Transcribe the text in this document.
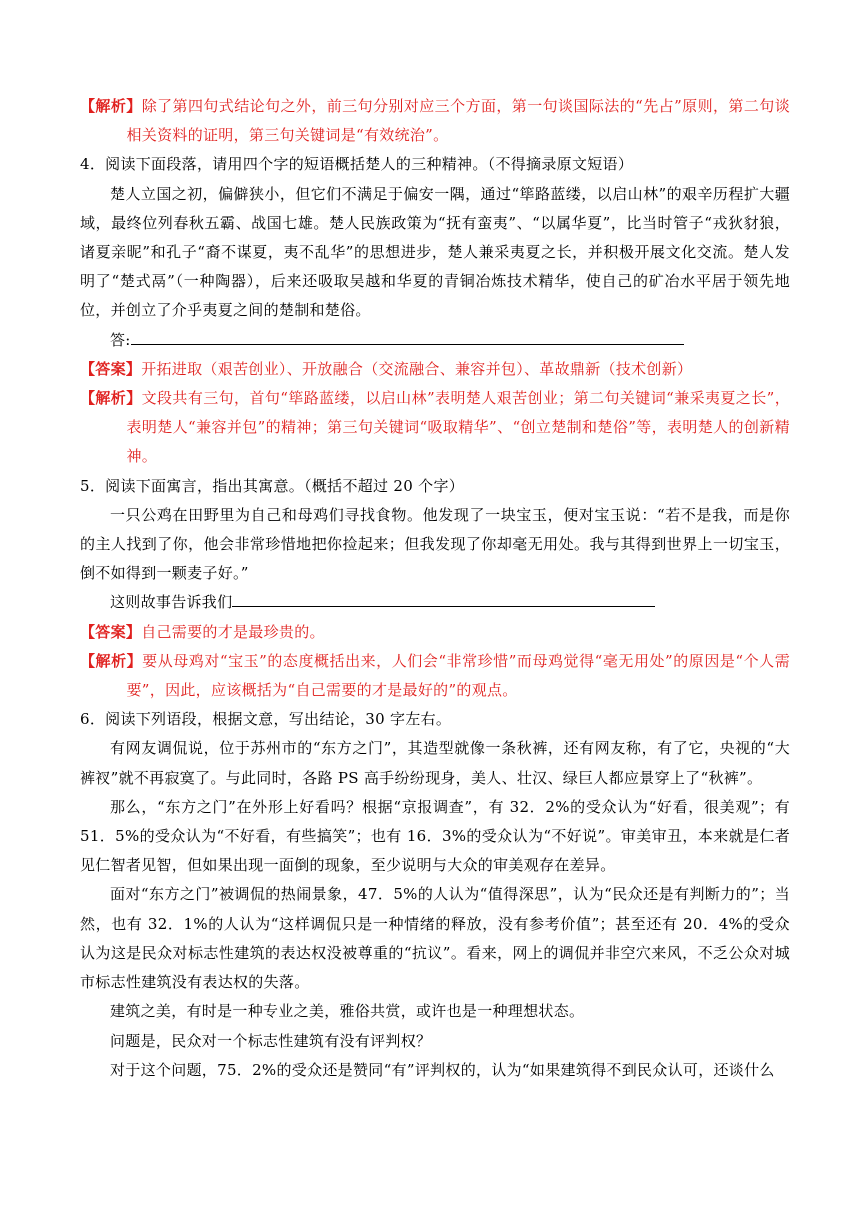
【解析】除了第四句式结论句之外，前三句分别对应三个方面，第一句谈国际法的“先占”原则，第二句谈相关资料的证明，第三句关键词是“有效统治”。

4．阅读下面段落，请用四个字的短语概括楚人的三种精神。（不得摘录原文短语）

楚人立国之初，偏僻狭小，但它们不满足于偏安一隅，通过“筚路蓝缕，以启山林”的艰辛历程扩大疆域，最终位列春秋五霸、战国七雄。楚人民族政策为“抚有蛮夷”、“以属华夏”，比当时管子“戎狄豺狼，诸夏亲昵”和孔子“裔不谋夏，夷不乱华”的思想进步，楚人兼采夷夏之长，并积极开展文化交流。楚人发明了“楚式鬲”（一种陶器），后来还吸取吴越和华夏的青铜冶炼技术精华，使自己的矿冶水平居于领先地位，并创立了介乎夷夏之间的楚制和楚俗。

答:

【答案】开拓进取（艰苦创业）、开放融合（交流融合、兼容并包）、革故鼎新（技术创新）

【解析】文段共有三句，首句“筚路蓝缕，以启山林”表明楚人艰苦创业；第二句关键词“兼采夷夏之长”，表明楚人“兼容并包”的精神；第三句关键词“吸取精华”、“创立楚制和楚俗”等，表明楚人的创新精神。

5．阅读下面寓言，指出其寓意。（概括不超过 20 个字）

一只公鸡在田野里为自己和母鸡们寻找食物。他发现了一块宝玉，便对宝玉说：“若不是我，而是你的主人找到了你，他会非常珍惜地把你捡起来；但我发现了你却毫无用处。我与其得到世界上一切宝玉，倒不如得到一颗麦子好。”

这则故事告诉我们

【答案】自己需要的才是最珍贵的。

【解析】要从母鸡对“宝玉”的态度概括出来，人们会“非常珍惜”而母鸡觉得“毫无用处”的原因是“个人需要”，因此，应该概括为“自己需要的才是最好的”的观点。

6．阅读下列语段，根据文意，写出结论，30 字左右。

有网友调侃说，位于苏州市的“东方之门”，其造型就像一条秋裤，还有网友称，有了它，央视的“大裤衩”就不再寂寞了。与此同时，各路 PS 高手纷纷现身，美人、壮汉、绿巨人都应景穿上了“秋裤”。

那么，“东方之门”在外形上好看吗？根据“京报调查”，有 32．2%的受众认为“好看，很美观”；有 51．5%的受众认为“不好看，有些搞笑”；也有 16．3%的受众认为“不好说”。审美审丑，本来就是仁者见仁智者见智，但如果出现一面倒的现象，至少说明与大众的审美观存在差异。

面对“东方之门”被调侃的热闹景象，47．5%的人认为“值得深思”，认为“民众还是有判断力的”；当然，也有 32．1%的人认为“这样调侃只是一种情绪的释放，没有参考价值”；甚至还有 20．4%的受众认为这是民众对标志性建筑的表达权没被尊重的“抗议”。看来，网上的调侃并非空穴来风，不乏公众对城市标志性建筑没有表达权的失落。

建筑之美，有时是一种专业之美，雅俗共赏，或许也是一种理想状态。

问题是，民众对一个标志性建筑有没有评判权？

对于这个问题，75．2%的受众还是赞同“有”评判权的，认为“如果建筑得不到民众认可，还谈什么
